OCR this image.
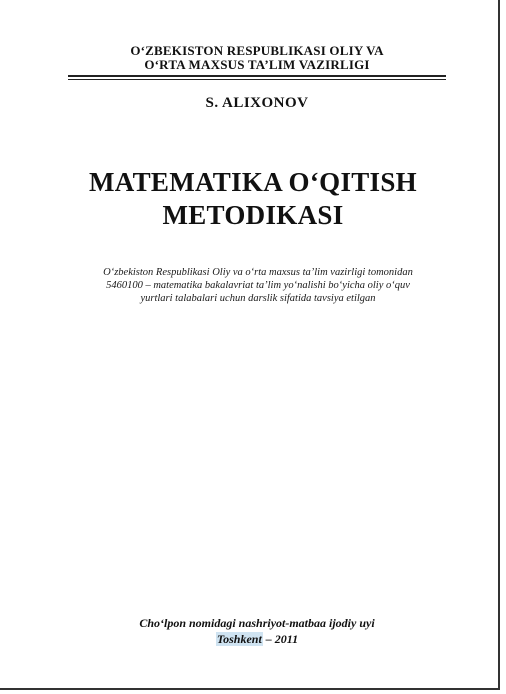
O‘ZBEKISTON RESPUBLIKASI OLIY VA
O‘RTA MAXSUS TA’LIM VAZIRLIGI
S. ALIXONOV
MATEMATIKA O‘QITISH
METODIKASI
O‘zbekiston Respublikasi Oliy va o‘rta maxsus ta’lim vazirligi tomonidan
5460100 – matematika bakalavriat ta’lim yo‘nalishi bo‘yicha oliy o‘quv
yurtlari talabalari uchun darslik sifatida tavsiya etilgan
Cho‘lpon nomidagi nashriyot-matbaa ijodiy uyi
Toshkent – 2011
